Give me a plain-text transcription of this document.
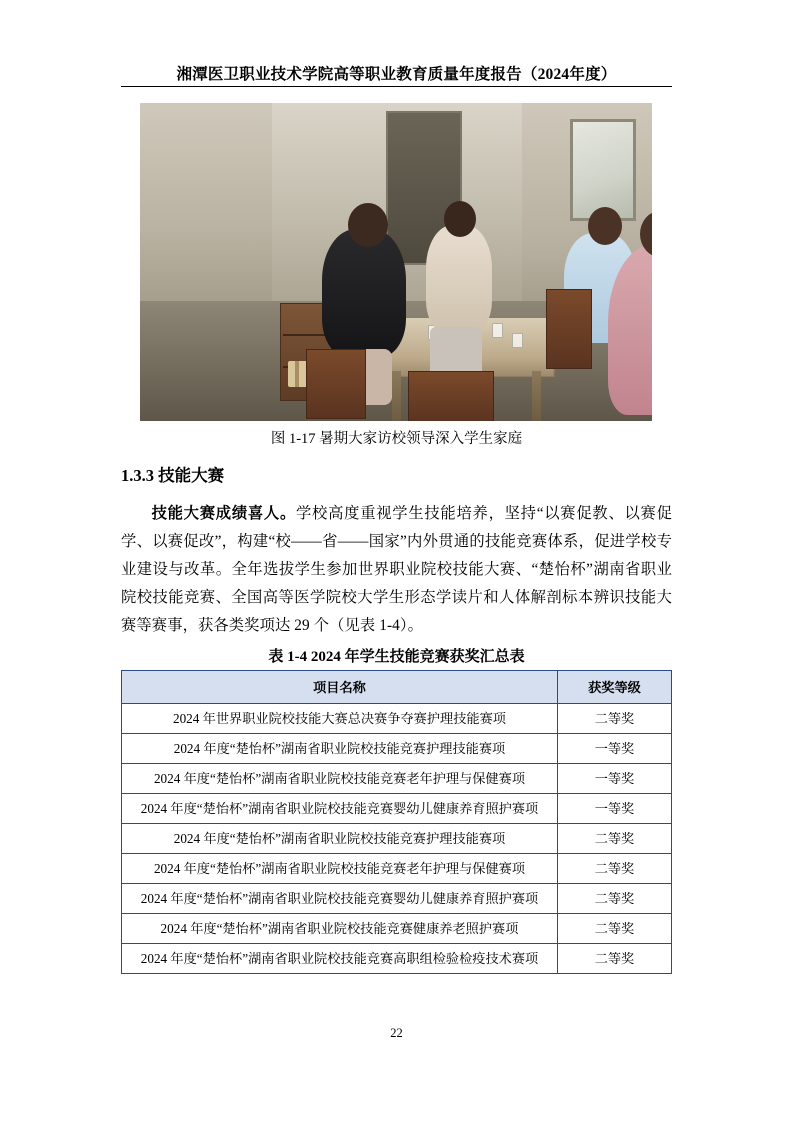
湘潭医卫职业技术学院高等职业教育质量年度报告（2024年度）
图 1-17 暑期大家访校领导深入学生家庭
1.3.3 技能大赛
技能大赛成绩喜人。学校高度重视学生技能培养，坚持“以赛促教、以赛促学、以赛促改”，构建“校——省——国家”内外贯通的技能竞赛体系，促进学校专业建设与改革。全年选拔学生参加世界职业院校技能大赛、“楚怡杯”湖南省职业院校技能竞赛、全国高等医学院校大学生形态学读片和人体解剖标本辨识技能大赛等赛事，获各类奖项达 29 个（见表 1-4）。
表 1-4 2024 年学生技能竞赛获奖汇总表
项目名称	获奖等级
2024 年世界职业院校技能大赛总决赛争夺赛护理技能赛项	二等奖
2024 年度“楚怡杯”湖南省职业院校技能竞赛护理技能赛项	一等奖
2024 年度“楚怡杯”湖南省职业院校技能竞赛老年护理与保健赛项	一等奖
2024 年度“楚怡杯”湖南省职业院校技能竞赛婴幼儿健康养育照护赛项	一等奖
2024 年度“楚怡杯”湖南省职业院校技能竞赛护理技能赛项	二等奖
2024 年度“楚怡杯”湖南省职业院校技能竞赛老年护理与保健赛项	二等奖
2024 年度“楚怡杯”湖南省职业院校技能竞赛婴幼儿健康养育照护赛项	二等奖
2024 年度“楚怡杯”湖南省职业院校技能竞赛健康养老照护赛项	二等奖
2024 年度“楚怡杯”湖南省职业院校技能竞赛高职组检验检疫技术赛项	二等奖
22
